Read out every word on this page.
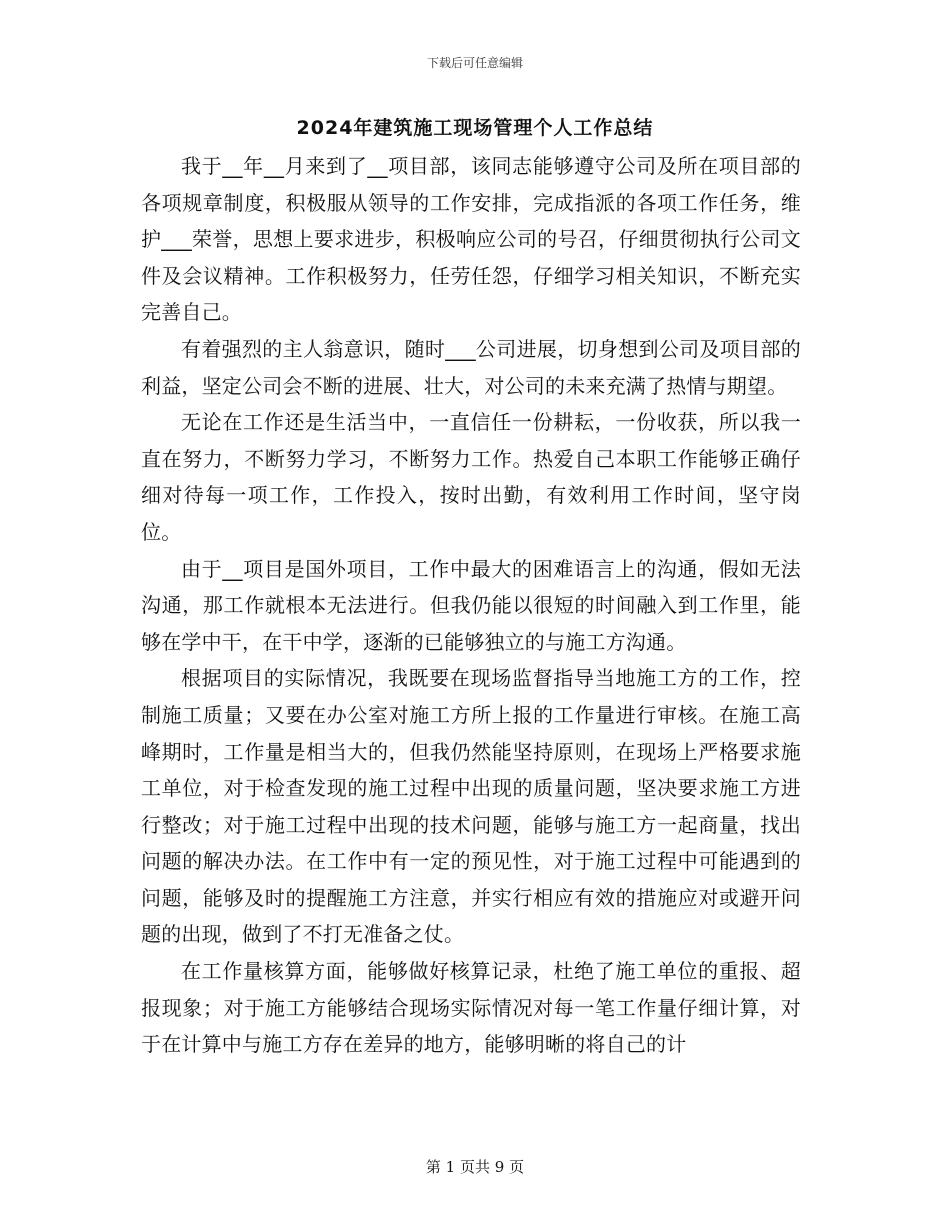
下载后可任意编辑
2024年建筑施工现场管理个人工作总结

我于__年__月来到了__项目部，该同志能够遵守公司及所在项目部的各项规章制度，积极服从领导的工作安排，完成指派的各项工作任务，维护___荣誉，思想上要求进步，积极响应公司的号召，仔细贯彻执行公司文件及会议精神。工作积极努力，任劳任怨，仔细学习相关知识，不断充实完善自己。

有着强烈的主人翁意识，随时___公司进展，切身想到公司及项目部的利益，坚定公司会不断的进展、壮大，对公司的未来充满了热情与期望。

无论在工作还是生活当中，一直信任一份耕耘，一份收获，所以我一直在努力，不断努力学习，不断努力工作。热爱自己本职工作能够正确仔细对待每一项工作，工作投入，按时出勤，有效利用工作时间，坚守岗位。

由于__项目是国外项目，工作中最大的困难语言上的沟通，假如无法沟通，那工作就根本无法进行。但我仍能以很短的时间融入到工作里，能够在学中干，在干中学，逐渐的已能够独立的与施工方沟通。

根据项目的实际情况，我既要在现场监督指导当地施工方的工作，控制施工质量；又要在办公室对施工方所上报的工作量进行审核。在施工高峰期时，工作量是相当大的，但我仍然能坚持原则，在现场上严格要求施工单位，对于检查发现的施工过程中出现的质量问题，坚决要求施工方进行整改；对于施工过程中出现的技术问题，能够与施工方一起商量，找出问题的解决办法。在工作中有一定的预见性，对于施工过程中可能遇到的问题，能够及时的提醒施工方注意，并实行相应有效的措施应对或避开问题的出现，做到了不打无准备之仗。

在工作量核算方面，能够做好核算记录，杜绝了施工单位的重报、超报现象；对于施工方能够结合现场实际情况对每一笔工作量仔细计算，对于在计算中与施工方存在差异的地方，能够明晰的将自己的计

第 1 页共 9 页
